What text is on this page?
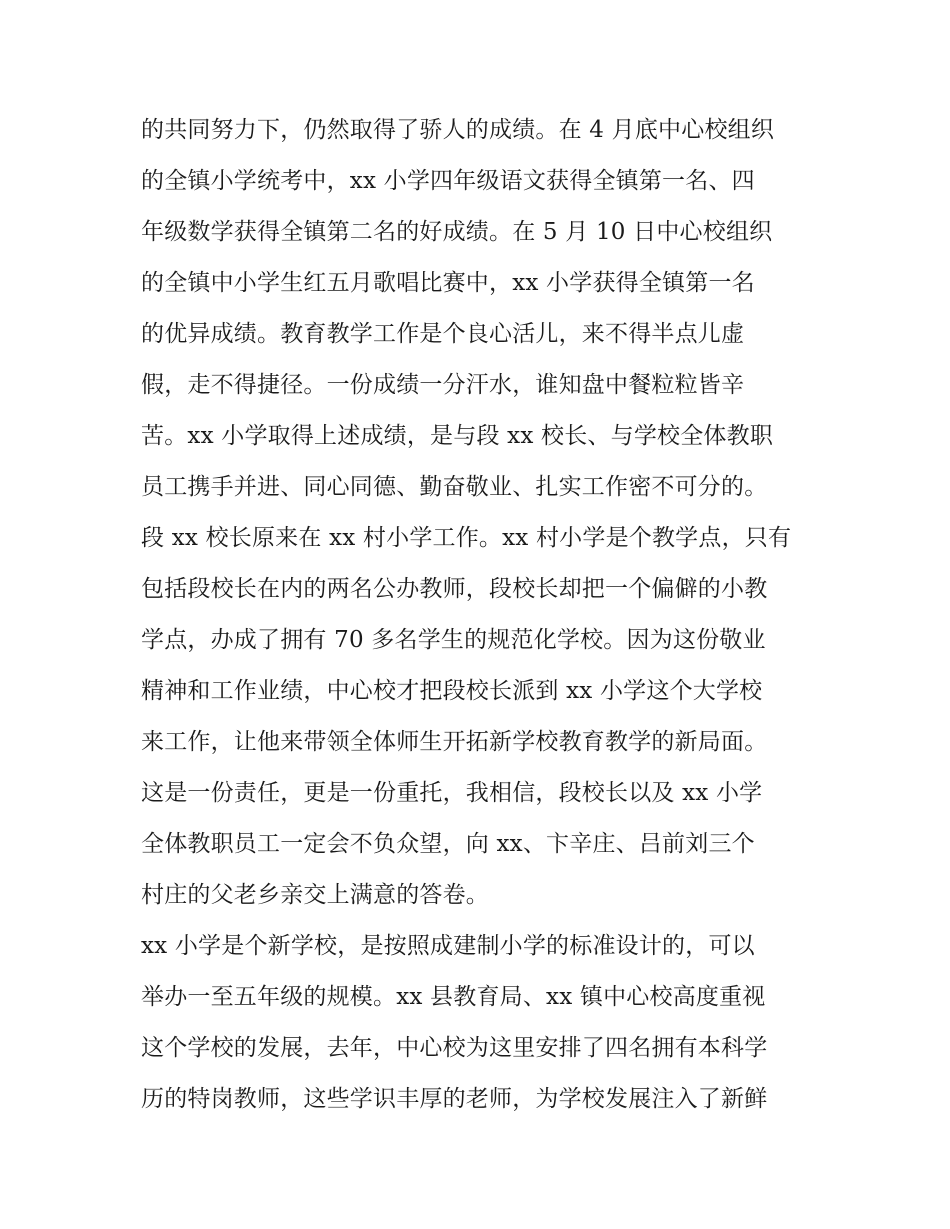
的共同努力下，仍然取得了骄人的成绩。在 4 月底中心校组织
的全镇小学统考中，xx 小学四年级语文获得全镇第一名、四
年级数学获得全镇第二名的好成绩。在 5 月 10 日中心校组织
的全镇中小学生红五月歌唱比赛中，xx 小学获得全镇第一名
的优异成绩。教育教学工作是个良心活儿，来不得半点儿虚
假，走不得捷径。一份成绩一分汗水，谁知盘中餐粒粒皆辛
苦。xx 小学取得上述成绩，是与段 xx 校长、与学校全体教职
员工携手并进、同心同德、勤奋敬业、扎实工作密不可分的。
段 xx 校长原来在 xx 村小学工作。xx 村小学是个教学点，只有
包括段校长在内的两名公办教师，段校长却把一个偏僻的小教
学点，办成了拥有 70 多名学生的规范化学校。因为这份敬业
精神和工作业绩，中心校才把段校长派到 xx 小学这个大学校
来工作，让他来带领全体师生开拓新学校教育教学的新局面。
这是一份责任，更是一份重托，我相信，段校长以及 xx 小学
全体教职员工一定会不负众望，向 xx、卞辛庄、吕前刘三个
村庄的父老乡亲交上满意的答卷。
xx 小学是个新学校，是按照成建制小学的标准设计的，可以
举办一至五年级的规模。xx 县教育局、xx 镇中心校高度重视
这个学校的发展，去年，中心校为这里安排了四名拥有本科学
历的特岗教师，这些学识丰厚的老师，为学校发展注入了新鲜
